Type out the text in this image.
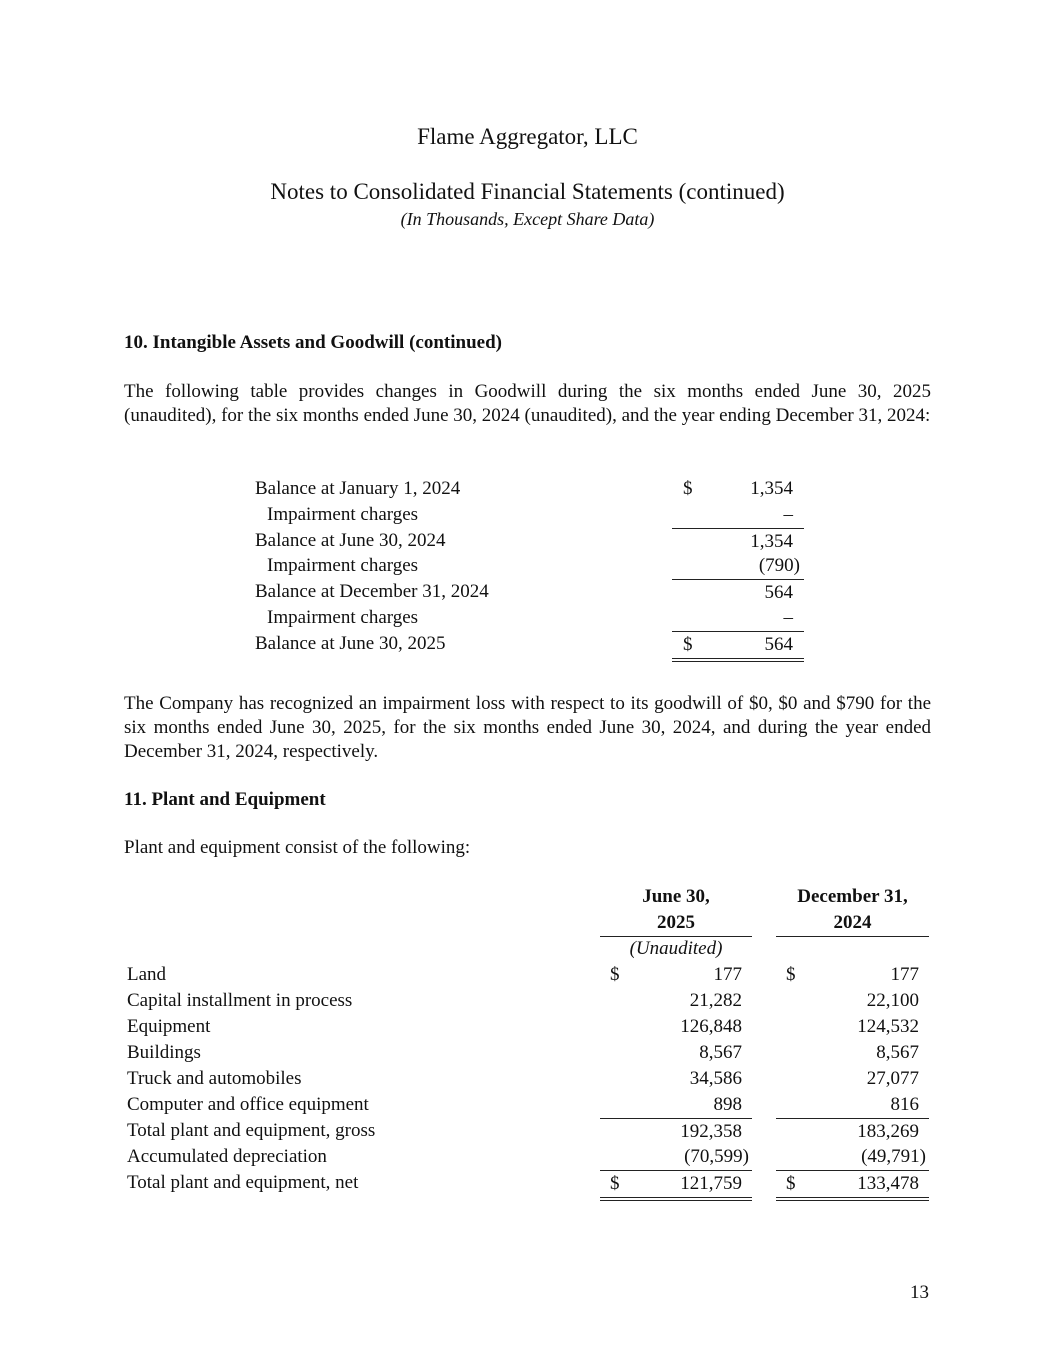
Flame Aggregator, LLC
Notes to Consolidated Financial Statements (continued)
(In Thousands, Except Share Data)
10. Intangible Assets and Goodwill (continued)

The following table provides changes in Goodwill during the six months ended June 30, 2025 (unaudited), for the six months ended June 30, 2024 (unaudited), and the year ending December 31, 2024:

Balance at January 1, 2024	$	1,354
Impairment charges	–
Balance at June 30, 2024	1,354
Impairment charges	(790)
Balance at December 31, 2024	564
Impairment charges	–
Balance at June 30, 2025	$	564

The Company has recognized an impairment loss with respect to its goodwill of $0, $0 and $790 for the six months ended June 30, 2025, for the six months ended June 30, 2024, and during the year ended December 31, 2024, respectively.

11. Plant and Equipment
Plant and equipment consist of the following:
June 30,
2025
December 31,
2024
(Unaudited)
Land	$	177 $	177
Capital installment in process	21,282	22,100
Equipment	126,848	124,532
Buildings	8,567	8,567
Truck and automobiles	34,586	27,077
Computer and office equipment	898	816
Total plant and equipment, gross	192,358	183,269
Accumulated depreciation	(70,599)	(49,791)
Total plant and equipment, net	$	121,759 $	133,478
13
